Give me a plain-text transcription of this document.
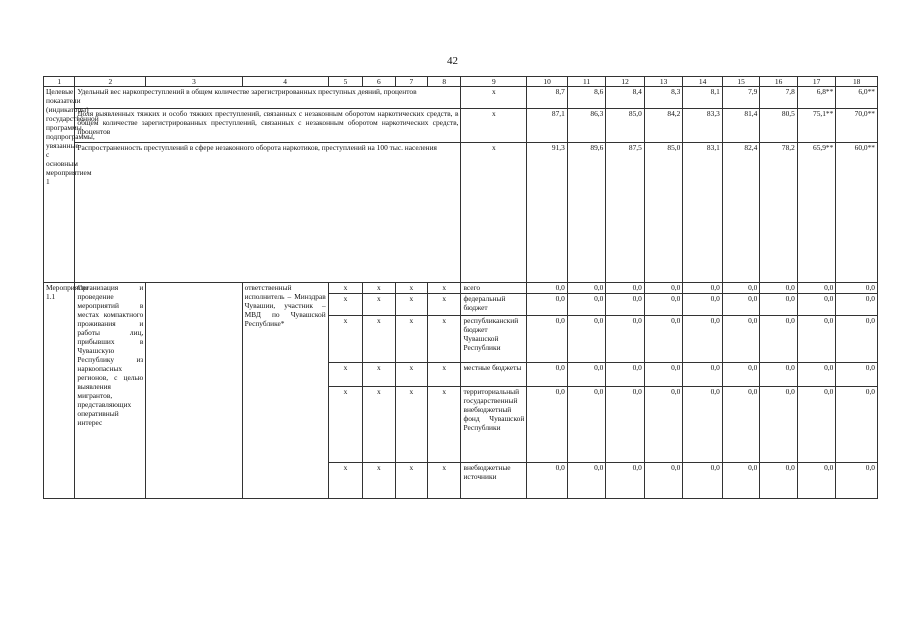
42
1	2	3	4	5	6	7	8	9	10	11	12	13	14	15	16	17	18
Целевые показатели (индикаторы) государственной программы, подпрограммы, увязанные с основным мероприятием 1	Удельный вес наркопреступлений в общем количестве зарегистрированных преступных деяний, процентов							x	8,7	8,6	8,4	8,3	8,1	7,9	7,8	6,8**	6,0**
	Доля выявленных тяжких и особо тяжких преступлений, связанных с незаконным оборотом наркотических средств, в общем количестве зарегистрированных преступлений, связанных с незаконным оборотом наркотических средств, процентов							x	87,1	86,3	85,0	84,2	83,3	81,4	80,5	75,1**	70,0**
	Распространенность преступлений в сфере незаконного оборота наркотиков, преступлений на 100 тыс. населения							x	91,3	89,6	87,5	85,0	83,1	82,4	78,2	65,9**	60,0**
Мероприятие 1.1	Организация и проведение мероприятий в местах компактного проживания и работы лиц, прибывших в Чувашскую Республику из наркоопасных регионов, с целью выявления мигрантов, представляющих оперативный интерес		ответственный исполнитель – Минздрав Чувашии, участник – МВД по Чувашской Республике*	x	x	x	x	всего	0,0	0,0	0,0	0,0	0,0	0,0	0,0	0,0	0,0
				x	x	x	x	федеральный бюджет	0,0	0,0	0,0	0,0	0,0	0,0	0,0	0,0	0,0
				x	x	x	x	республиканский бюджет Чувашской Республики	0,0	0,0	0,0	0,0	0,0	0,0	0,0	0,0	0,0
				x	x	x	x	местные бюджеты	0,0	0,0	0,0	0,0	0,0	0,0	0,0	0,0	0,0
				x	x	x	x	территориальный государственный внебюджетный фонд Чувашской Республики	0,0	0,0	0,0	0,0	0,0	0,0	0,0	0,0	0,0
				x	x	x	x	внебюджетные источники	0,0	0,0	0,0	0,0	0,0	0,0	0,0	0,0	0,0
